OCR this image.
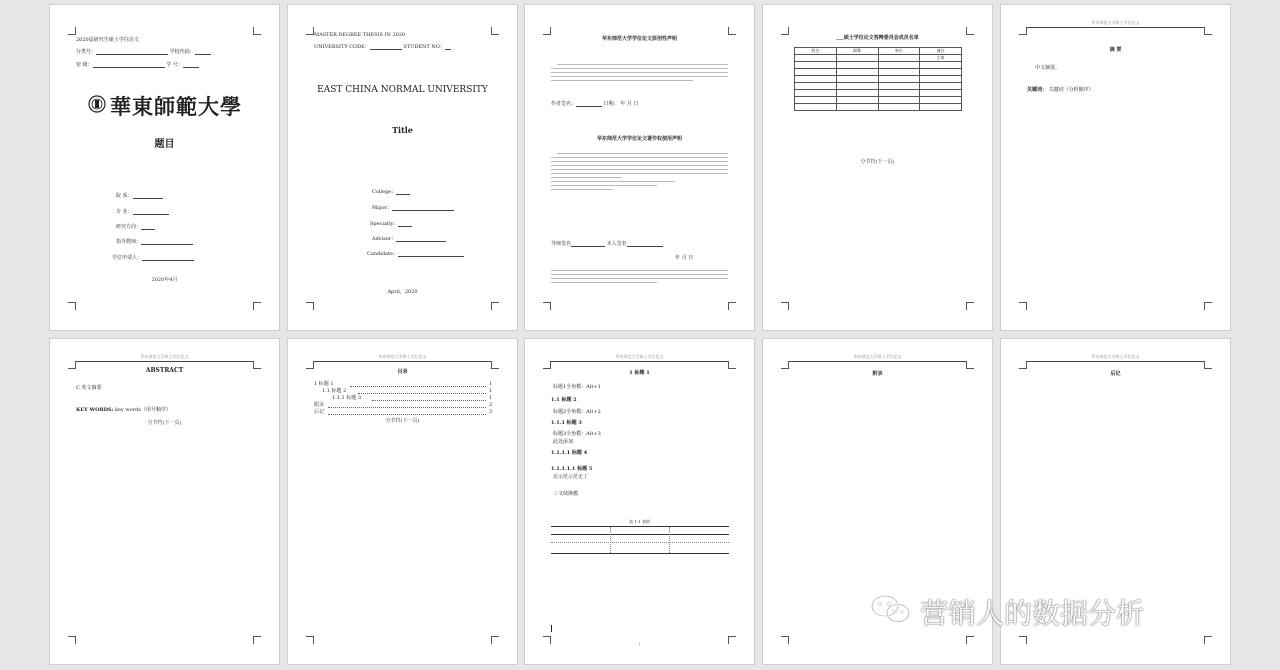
2020届研究生硕士学位论文
分类号：	学校代码：
密 级：	学 号：
華東師範大學
题目
院 系：
专 业：
研究方向：
指导教师：
学位申请人：
2020年4月
MASTER DEGREE THESIS IN 2020
UNIVERSITY CODE：	STUDENT NO：
EAST CHINA NORMAL UNIVERSITY
Title
College：
Major：
Specialty：
Advisor：
Candidate：
April，2020
华东师范大学学位论文原创性声明
作者签名：	日期： 年 月 日
华东师范大学学位论文著作权使用声明
导师签名	本人签名
年 月 日
___硕士学位论文答辩委员会成员名单
姓名	职称	单位	备注
			主席

分节符(下一页)
华东师范大学硕士学位论文
摘 要
中文摘要。
关键词： 关键词（分析顺序）
华东师范大学硕士学位论文
ABSTRACT
C 英文摘要
KEY WORDS: key words（用号顺序）
分节符(下一页)
华东师范大学硕士学位论文
目录
1 标题 1	1
1.1 标题 2	1
1.1.1 标题 3	1
附录	2
后记	3
分节符(下一页)
华东师范大学硕士学位论文
1 标题 1
标题1全角模：Alt+1
1.1 标题 2
标题2全角模：Alt+2
1.1.1 标题 3
标题3全角模：Alt+3
此处添加
1.1.1.1 标题 4
1.1.1.1.1 标题 5
论示范示范无了
三文续换模
表 1-1 表格
1
华东师范大学硕士学位论文
附录
华东师范大学硕士学位论文
后记
营销人的数据分析
